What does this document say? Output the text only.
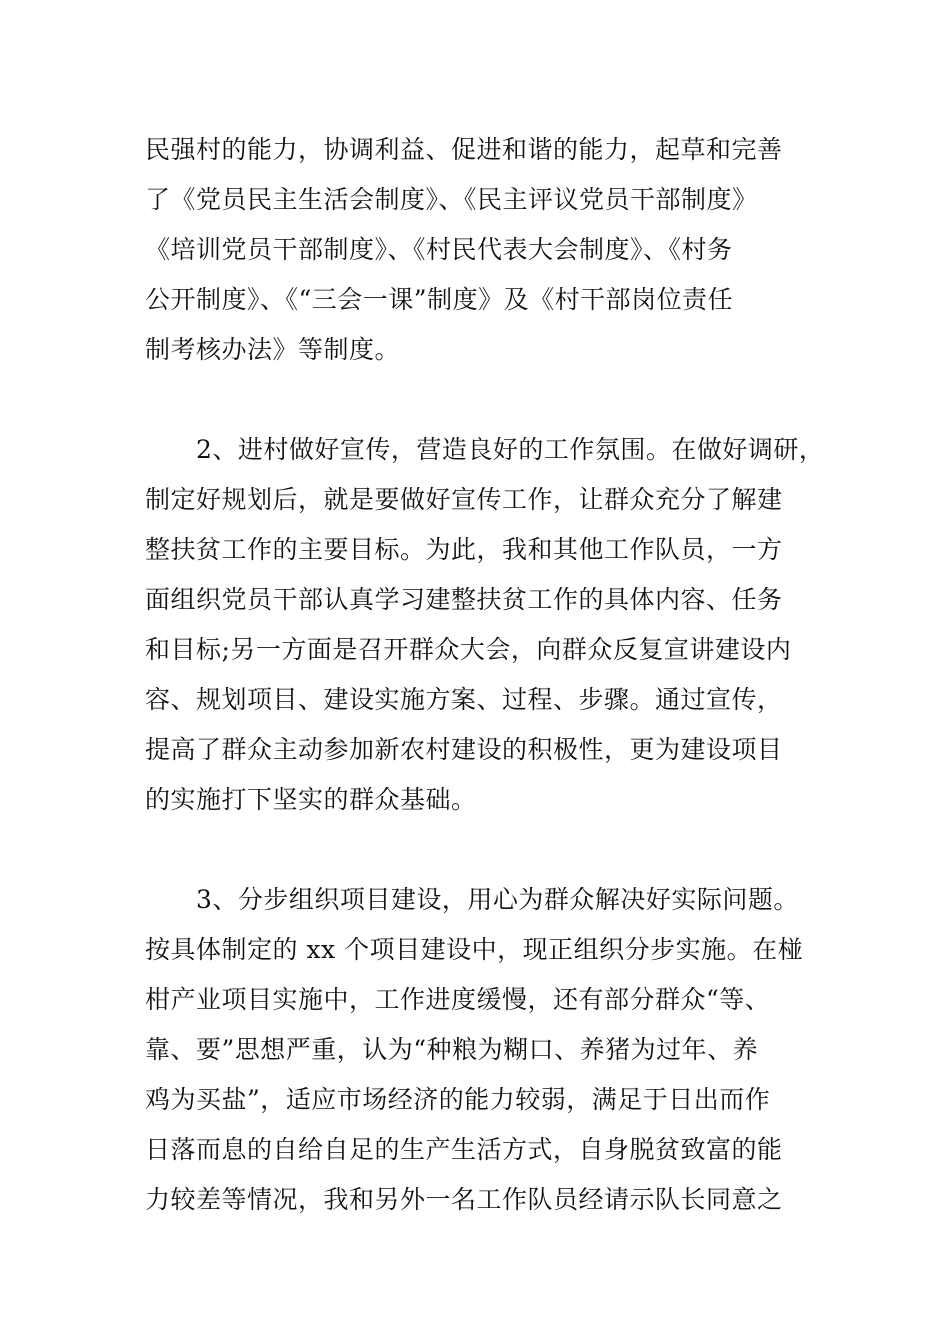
民强村的能力，协调利益、促进和谐的能力，起草和完善
了《党员民主生活会制度》、《民主评议党员干部制度》
《培训党员干部制度》、《村民代表大会制度》、《村务
公开制度》、《“三会一课”制度》及《村干部岗位责任
制考核办法》等制度。
2、进村做好宣传，营造良好的工作氛围。在做好调研，
制定好规划后，就是要做好宣传工作，让群众充分了解建
整扶贫工作的主要目标。为此，我和其他工作队员，一方
面组织党员干部认真学习建整扶贫工作的具体内容、任务
和目标;另一方面是召开群众大会，向群众反复宣讲建设内
容、规划项目、建设实施方案、过程、步骤。通过宣传，
提高了群众主动参加新农村建设的积极性，更为建设项目
的实施打下坚实的群众基础。
3、分步组织项目建设，用心为群众解决好实际问题。
按具体制定的 xx 个项目建设中，现正组织分步实施。在椪
柑产业项目实施中，工作进度缓慢，还有部分群众“等、
靠、要”思想严重，认为“种粮为糊口、养猪为过年、养
鸡为买盐”，适应市场经济的能力较弱，满足于日出而作
日落而息的自给自足的生产生活方式，自身脱贫致富的能
力较差等情况，我和另外一名工作队员经请示队长同意之
